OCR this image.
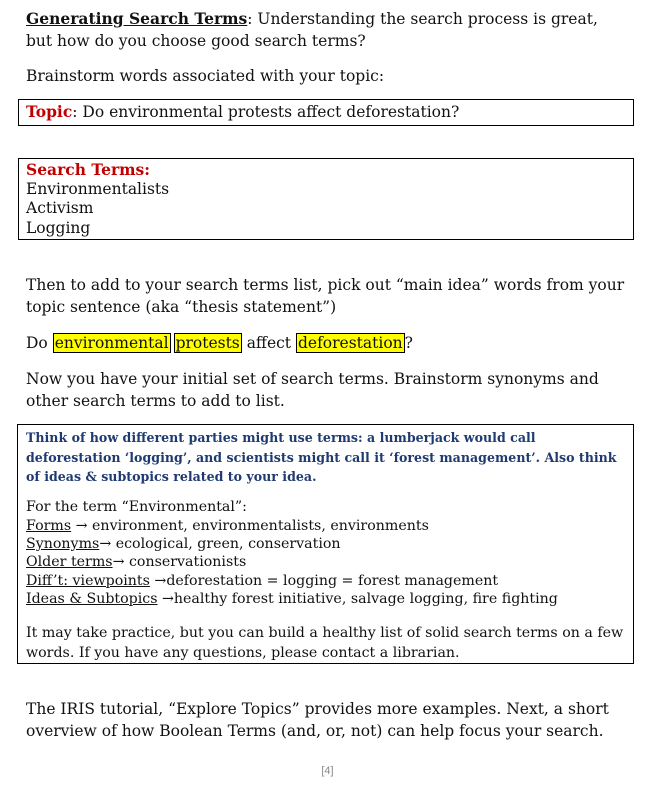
Generating Search Terms: Understanding the search process is great, but how do you choose good search terms?
Brainstorm words associated with your topic:
Topic: Do environmental protests affect deforestation?
Search Terms:
Environmentalists
Activism
Logging
Then to add to your search terms list, pick out “main idea” words from your topic sentence (aka “thesis statement”)
Do environmental protests affect deforestation ?
Now you have your initial set of search terms. Brainstorm synonyms and other search terms to add to list.
Think of how different parties might use terms: a lumberjack would call deforestation ‘logging’, and scientists might call it ‘forest management’. Also think of ideas & subtopics related to your idea.
For the term “Environmental”:
Forms → environment, environmentalists, environments
Synonyms→ ecological, green, conservation
Older terms→ conservationists
Diff’t: viewpoints →deforestation = logging = forest management
Ideas & Subtopics →healthy forest initiative, salvage logging, fire fighting
It may take practice, but you can build a healthy list of solid search terms on a few words. If you have any questions, please contact a librarian.
The IRIS tutorial, “Explore Topics” provides more examples. Next, a short overview of how Boolean Terms (and, or, not) can help focus your search.
[4]
